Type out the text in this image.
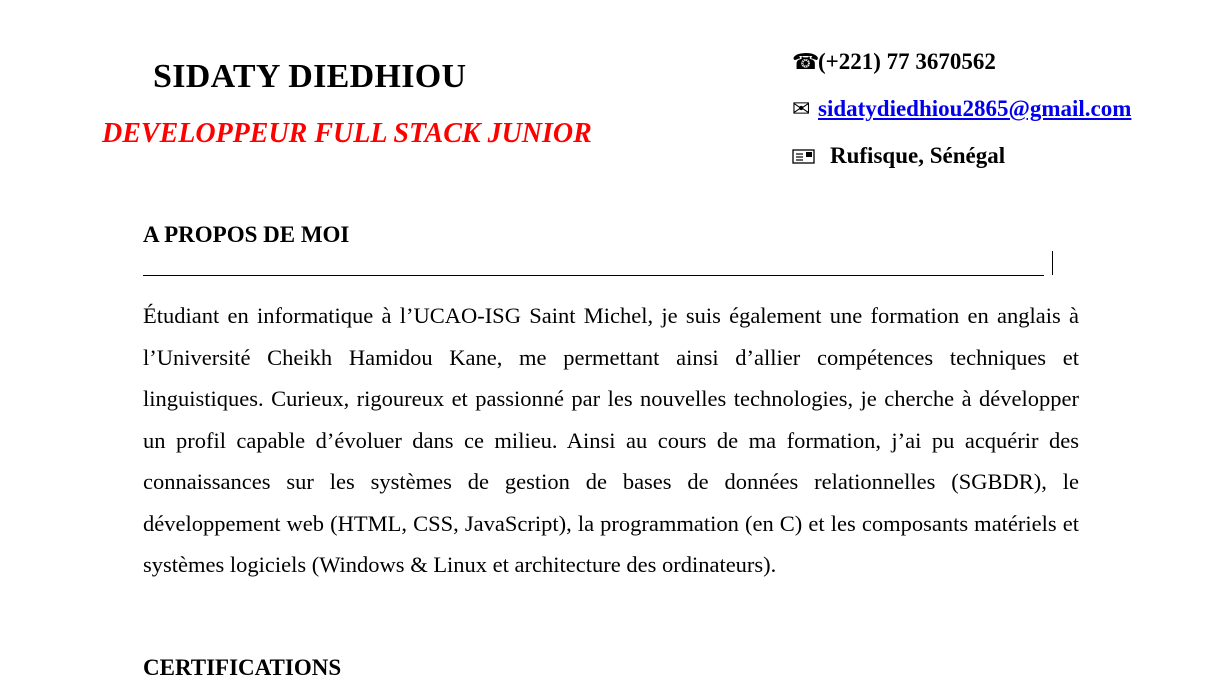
SIDATY DIEDHIOU
DEVELOPPEUR FULL STACK JUNIOR
☎
(+221) 77 3670562
✉ sidatydiedhiou2865@gmail.com
Rufisque, Sénégal
A PROPOS DE MOI

Étudiant en informatique à l’UCAO-ISG Saint Michel, je suis également une formation en anglais à l’Université Cheikh Hamidou Kane, me permettant ainsi d’allier compétences techniques et linguistiques. Curieux, rigoureux et passionné par les nouvelles technologies, je cherche à développer un profil capable d’évoluer dans ce milieu. Ainsi au cours de ma formation, j’ai pu acquérir des connaissances sur les systèmes de gestion de bases de données relationnelles (SGBDR), le développement web (HTML, CSS, JavaScript), la programmation (en C) et les composants matériels et systèmes logiciels (Windows & Linux et architecture des ordinateurs).

CERTIFICATIONS
